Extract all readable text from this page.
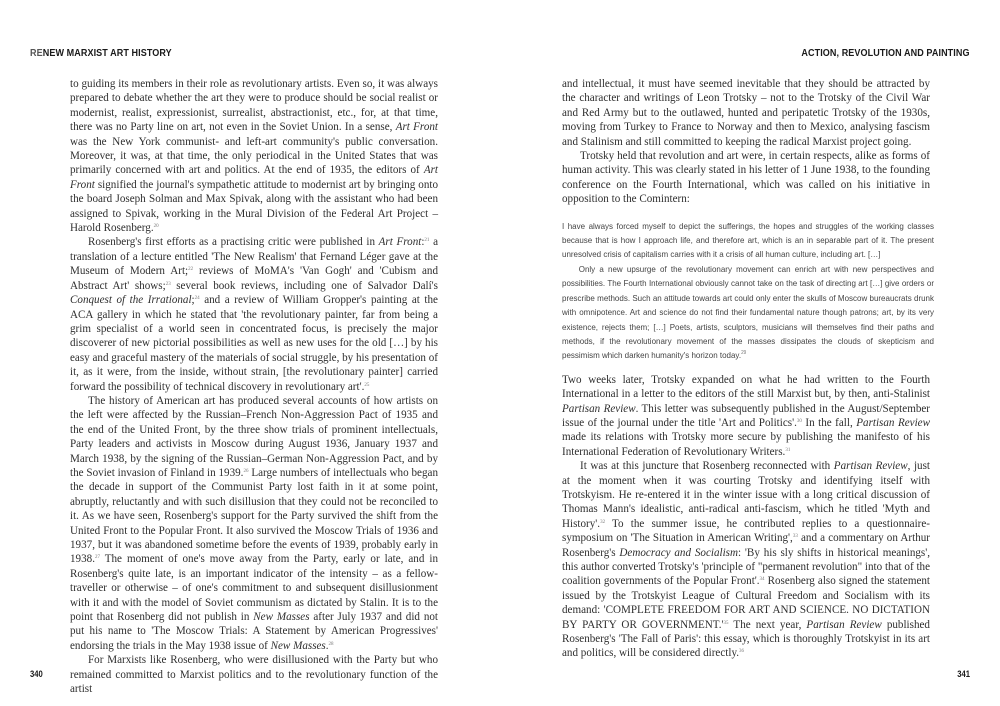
RENEW MARXIST ART HISTORY

to guiding its members in their role as revolutionary artists. Even so, it was always prepared to debate whether the art they were to produce should be social realist or modernist, realist, expressionist, surrealist, abstractionist, etc., for, at that time, there was no Party line on art, not even in the Soviet Union. In a sense, Art Front was the New York communist- and left-art community's public conversation. Moreover, it was, at that time, the only periodical in the United States that was primarily concerned with art and politics. At the end of 1935, the editors of Art Front signified the journal's sympathetic attitude to modernist art by bringing onto the board Joseph Solman and Max Spivak, along with the assistant who had been assigned to Spivak, working in the Mural Division of the Federal Art Project – Harold Rosenberg.$^{20}$

Rosenberg's first efforts as a practising critic were published in Art Front:$^{21}$ a translation of a lecture entitled 'The New Realism' that Fernand Léger gave at the Museum of Modern Art;$^{22}$ reviews of MoMA's 'Van Gogh' and 'Cubism and Abstract Art' shows;$^{23}$ several book reviews, including one of Salvador Dalí's Conquest of the Irrational;$^{24}$ and a review of William Gropper's painting at the ACA gallery in which he stated that 'the revolutionary painter, far from being a grim specialist of a world seen in concentrated focus, is precisely the major discoverer of new pictorial possibilities as well as new uses for the old […] by his easy and graceful mastery of the materials of social struggle, by his presentation of it, as it were, from the inside, without strain, [the revolutionary painter] carried forward the possibility of technical discovery in revolutionary art'.$^{25}$

The history of American art has produced several accounts of how artists on the left were affected by the Russian–French Non-Aggression Pact of 1935 and the end of the United Front, by the three show trials of prominent intellectuals, Party leaders and activists in Moscow during August 1936, January 1937 and March 1938, by the signing of the Russian–German Non-Aggression Pact, and by the Soviet invasion of Finland in 1939.26 Large numbers of intellectuals who began the decade in support of the Communist Party lost faith in it at some point, abruptly, reluctantly and with such disillusion that they could not be reconciled to it. As we have seen, Rosenberg's support for the Party survived the shift from the United Front to the Popular Front. It also survived the Moscow Trials of 1936 and 1937, but it was abandoned sometime before the events of 1939, probably early in 1938.27 The moment of one's move away from the Party, early or late, and in Rosenberg's quite late, is an important indicator of the intensity – as a fellow-traveller or otherwise – of one's commitment to and subsequent disillusionment with it and with the model of Soviet communism as dictated by Stalin. It is to the point that Rosenberg did not publish in New Masses after July 1937 and did not put his name to 'The Moscow Trials: A Statement by American Progressives' endorsing the trials in the May 1938 issue of New Masses.$^{28}$

For Marxists like Rosenberg, who were disillusioned with the Party but who remained committed to Marxist politics and to the revolutionary function of the artist

340
ACTION, REVOLUTION AND PAINTING

and intellectual, it must have seemed inevitable that they should be attracted by the character and writings of Leon Trotsky – not to the Trotsky of the Civil War and Red Army but to the outlawed, hunted and peripatetic Trotsky of the 1930s, moving from Turkey to France to Norway and then to Mexico, analysing fascism and Stalinism and still committed to keeping the radical Marxist project going.

Trotsky held that revolution and art were, in certain respects, alike as forms of human activity. This was clearly stated in his letter of 1 June 1938, to the founding conference on the Fourth International, which was called on his initiative in opposition to the Comintern:

I have always forced myself to depict the sufferings, the hopes and struggles of the working classes because that is how I approach life, and therefore art, which is an in separable part of it. The present unresolved crisis of capitalism carries with it a crisis of all human culture, including art. […]

Only a new upsurge of the revolutionary movement can enrich art with new perspectives and possibilities. The Fourth International obviously cannot take on the task of directing art […] give orders or prescribe methods. Such an attitude towards art could only enter the skulls of Moscow bureaucrats drunk with omnipotence. Art and science do not find their fundamental nature though patrons; art, by its very existence, rejects them; […] Poets, artists, sculptors, musicians will themselves find their paths and methods, if the revolutionary movement of the masses dissipates the clouds of skepticism and pessimism which darken humanity's horizon today.$^{29}$

Two weeks later, Trotsky expanded on what he had written to the Fourth International in a letter to the editors of the still Marxist but, by then, anti-Stalinist Partisan Review. This letter was subsequently published in the August/September issue of the journal under the title 'Art and Politics'.$^{30}$ In the fall, Partisan Review made its relations with Trotsky more secure by publishing the manifesto of his International Federation of Revolutionary Writers.$^{31}$

It was at this juncture that Rosenberg reconnected with Partisan Review, just at the moment when it was courting Trotsky and identifying itself with Trotskyism. He re-entered it in the winter issue with a long critical discussion of Thomas Mann's idealistic, anti-radical anti-fascism, which he titled 'Myth and History'.$^{32}$ To the summer issue, he contributed replies to a questionnaire-symposium on 'The Situation in American Writing',$^{33}$ and a commentary on Arthur Rosenberg's Democracy and Socialism: 'By his sly shifts in historical meanings', this author converted Trotsky's 'principle of "permanent revolution" into that of the coalition governments of the Popular Front'.$^{34}$ Rosenberg also signed the statement issued by the Trotskyist League of Cultural Freedom and Socialism with its demand: 'COMPLETE FREEDOM FOR ART AND SCIENCE. NO DICTATION BY PARTY OR $GOVERNMENT.'^{35}$ The next year, Partisan Review published Rosenberg's 'The Fall of Paris': this essay, which is thoroughly Trotskyist in its art and politics, will be considered directly.$^{36}$

341
